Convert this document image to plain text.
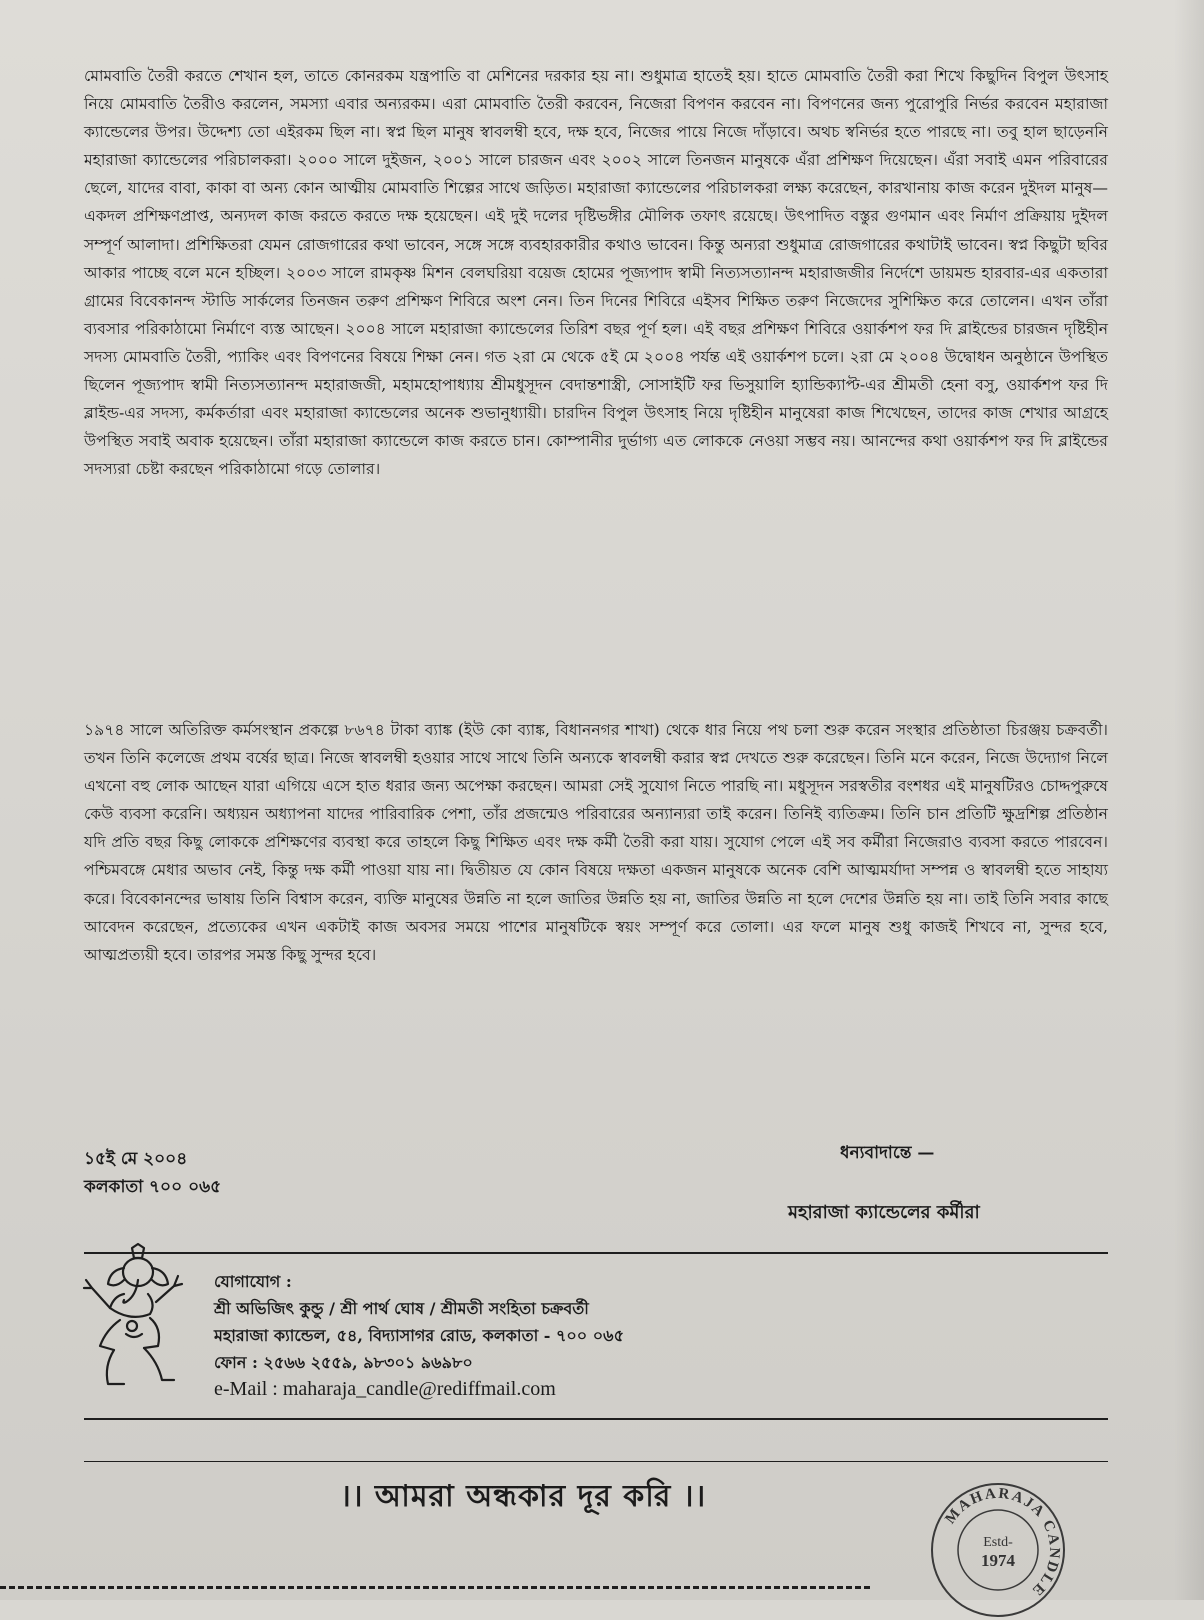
মোমবাতি তৈরী করতে শেখান হল, তাতে কোনরকম যন্ত্রপাতি বা মেশিনের দরকার হয় না। শুধুমাত্র হাতেই হয়। হাতে মোমবাতি তৈরী করা শিখে কিছুদিন বিপুল উৎসাহ নিয়ে মোমবাতি তৈরীও করলেন, সমস্যা এবার অন্যরকম। এরা মোমবাতি তৈরী করবেন, নিজেরা বিপণন করবেন না। বিপণনের জন্য পুরোপুরি নির্ভর করবেন মহারাজা ক্যান্ডেলের উপর। উদ্দেশ্য তো এইরকম ছিল না। স্বপ্ন ছিল মানুষ স্বাবলম্বী হবে, দক্ষ হবে, নিজের পায়ে নিজে দাঁড়াবে। অথচ স্বনির্ভর হতে পারছে না। তবু হাল ছাড়েননি মহারাজা ক্যান্ডেলের পরিচালকরা। ২০০০ সালে দুইজন, ২০০১ সালে চারজন এবং ২০০২ সালে তিনজন মানুষকে এঁরা প্রশিক্ষণ দিয়েছেন। এঁরা সবাই এমন পরিবারের ছেলে, যাদের বাবা, কাকা বা অন্য কোন আত্মীয় মোমবাতি শিল্পের সাথে জড়িত। মহারাজা ক্যান্ডেলের পরিচালকরা লক্ষ্য করেছেন, কারখানায় কাজ করেন দুইদল মানুষ— একদল প্রশিক্ষণপ্রাপ্ত, অন্যদল কাজ করতে করতে দক্ষ হয়েছেন। এই দুই দলের দৃষ্টিভঙ্গীর মৌলিক তফাৎ রয়েছে। উৎপাদিত বস্তুর গুণমান এবং নির্মাণ প্রক্রিয়ায় দুইদল সম্পূর্ণ আলাদা। প্রশিক্ষিতরা যেমন রোজগারের কথা ভাবেন, সঙ্গে সঙ্গে ব্যবহারকারীর কথাও ভাবেন। কিন্তু অন্যরা শুধুমাত্র রোজগারের কথাটাই ভাবেন। স্বপ্ন কিছুটা ছবির আকার পাচ্ছে বলে মনে হচ্ছিল। ২০০৩ সালে রামকৃষ্ণ মিশন বেলঘরিয়া বয়েজ হোমের পূজ্যপাদ স্বামী নিত্যসত্যানন্দ মহারাজজীর নির্দেশে ডায়মন্ড হারবার-এর একতারা গ্রামের বিবেকানন্দ স্টাডি সার্কলের তিনজন তরুণ প্রশিক্ষণ শিবিরে অংশ নেন। তিন দিনের শিবিরে এইসব শিক্ষিত তরুণ নিজেদের সুশিক্ষিত করে তোলেন। এখন তাঁরা ব্যবসার পরিকাঠামো নির্মাণে ব্যস্ত আছেন। ২০০৪ সালে মহারাজা ক্যান্ডেলের তিরিশ বছর পূর্ণ হল। এই বছর প্রশিক্ষণ শিবিরে ওয়ার্কশপ ফর দি ব্লাইন্ডের চারজন দৃষ্টিহীন সদস্য মোমবাতি তৈরী, প্যাকিং এবং বিপণনের বিষয়ে শিক্ষা নেন। গত ২রা মে থেকে ৫ই মে ২০০৪ পর্যন্ত এই ওয়ার্কশপ চলে। ২রা মে ২০০৪ উদ্বোধন অনুষ্ঠানে উপস্থিত ছিলেন পূজ্যপাদ স্বামী নিত্যসত্যানন্দ মহারাজজী, মহামহোপাধ্যায় শ্রীমধুসূদন বেদান্তশাস্ত্রী, সোসাইটি ফর ভিসুয়ালি হ্যান্ডিক্যাপ্ট-এর শ্রীমতী হেনা বসু, ওয়ার্কশপ ফর দি ব্লাইন্ড-এর সদস্য, কর্মকর্তারা এবং মহারাজা ক্যান্ডেলের অনেক শুভানুধ্যায়ী। চারদিন বিপুল উৎসাহ নিয়ে দৃষ্টিহীন মানুষেরা কাজ শিখেছেন, তাদের কাজ শেখার আগ্রহে উপস্থিত সবাই অবাক হয়েছেন। তাঁরা মহারাজা ক্যান্ডেলে কাজ করতে চান। কোম্পানীর দুর্ভাগ্য এত লোককে নেওয়া সম্ভব নয়। আনন্দের কথা ওয়ার্কশপ ফর দি ব্লাইন্ডের সদস্যরা চেষ্টা করছেন পরিকাঠামো গড়ে তোলার।

১৯৭৪ সালে অতিরিক্ত কর্মসংস্থান প্রকল্পে ৮৬৭৪ টাকা ব্যাঙ্ক (ইউ কো ব্যাঙ্ক, বিধাননগর শাখা) থেকে ধার নিয়ে পথ চলা শুরু করেন সংস্থার প্রতিষ্ঠাতা চিরঞ্জয় চক্রবর্তী। তখন তিনি কলেজে প্রথম বর্ষের ছাত্র। নিজে স্বাবলম্বী হওয়ার সাথে সাথে তিনি অন্যকে স্বাবলম্বী করার স্বপ্ন দেখতে শুরু করেছেন। তিনি মনে করেন, নিজে উদ্যোগ নিলে এখনো বহু লোক আছেন যারা এগিয়ে এসে হাত ধরার জন্য অপেক্ষা করছেন। আমরা সেই সুযোগ নিতে পারছি না। মধুসূদন সরস্বতীর বংশধর এই মানুষটিরও চোদ্দপুরুষে কেউ ব্যবসা করেনি। অধ্যয়ন অধ্যাপনা যাদের পারিবারিক পেশা, তাঁর প্রজন্মেও পরিবারের অন্যান্যরা তাই করেন। তিনিই ব্যতিক্রম। তিনি চান প্রতিটি ক্ষুদ্রশিল্প প্রতিষ্ঠান যদি প্রতি বছর কিছু লোককে প্রশিক্ষণের ব্যবস্থা করে তাহলে কিছু শিক্ষিত এবং দক্ষ কর্মী তৈরী করা যায়। সুযোগ পেলে এই সব কর্মীরা নিজেরাও ব্যবসা করতে পারবেন। পশ্চিমবঙ্গে মেধার অভাব নেই, কিন্তু দক্ষ কর্মী পাওয়া যায় না। দ্বিতীয়ত যে কোন বিষয়ে দক্ষতা একজন মানুষকে অনেক বেশি আত্মমর্যাদা সম্পন্ন ও স্বাবলম্বী হতে সাহায্য করে। বিবেকানন্দের ভাষায় তিনি বিশ্বাস করেন, ব্যক্তি মানুষের উন্নতি না হলে জাতির উন্নতি হয় না, জাতির উন্নতি না হলে দেশের উন্নতি হয় না। তাই তিনি সবার কাছে আবেদন করেছেন, প্রত্যেকের এখন একটাই কাজ অবসর সময়ে পাশের মানুষটিকে স্বয়ং সম্পূর্ণ করে তোলা। এর ফলে মানুষ শুধু কাজই শিখবে না, সুন্দর হবে, আত্মপ্রত্যয়ী হবে। তারপর সমস্ত কিছু সুন্দর হবে।

১৫ই মে ২০০৪
কলকাতা ৭০০ ০৬৫
ধন্যবাদান্তে —
মহারাজা ক্যান্ডেলের কর্মীরা
যোগাযোগ :
শ্রী অভিজিৎ কুন্ডু / শ্রী পার্থ ঘোষ / শ্রীমতী সংহিতা চক্রবর্তী
মহারাজা ক্যান্ডেল, ৫৪, বিদ্যাসাগর রোড, কলকাতা - ৭০০ ০৬৫
ফোন : ২৫৬৬ ২৫৫৯, ৯৮৩০১ ৯৬৯৮০
e-Mail : maharaja_candle@rediffmail.com
।। আমরা অন্ধকার দূর করি ।।
MAHARAJA CANDLE
Estd-
1974
